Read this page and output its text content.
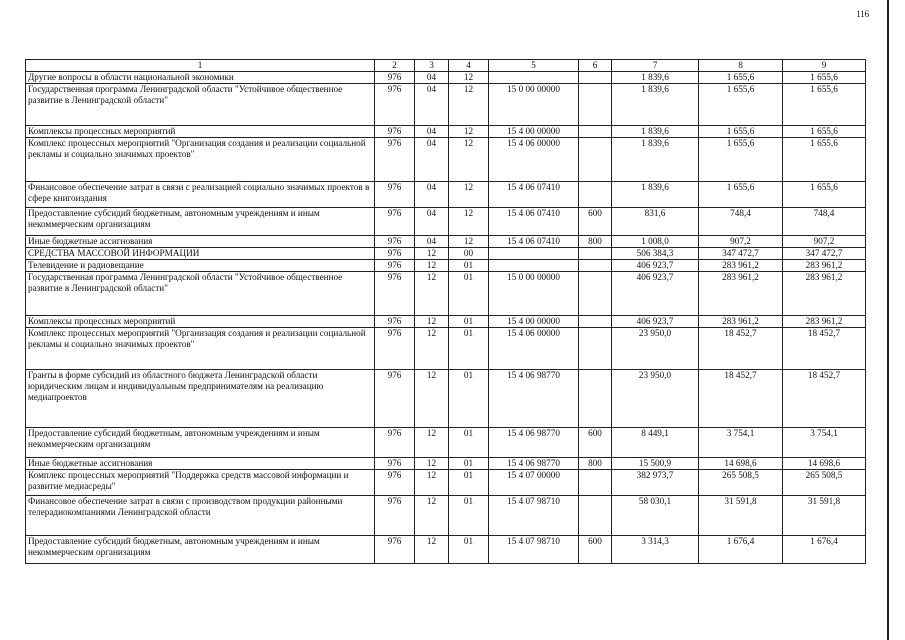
116
1	2	3	4	5	6	7	8	9
Другие вопросы в области национальной экономики	976	04	12			1 839,6	1 655,6	1 655,6
Государственная программа Ленинградской области "Устойчивое общественное развитие в Ленинградской области"	976	04	12	15 0 00 00000		1 839,6	1 655,6	1 655,6
Комплексы процессных мероприятий	976	04	12	15 4 00 00000		1 839,6	1 655,6	1 655,6
Комплекс процессных мероприятий "Организация создания и реализации социальной рекламы и социально значимых проектов"	976	04	12	15 4 06 00000		1 839,6	1 655,6	1 655,6
Финансовое обеспечение затрат в связи с реализацией социально значимых проектов в сфере книгоиздания	976	04	12	15 4 06 07410		1 839,6	1 655,6	1 655,6
Предоставление субсидий бюджетным, автономным учреждениям и иным некоммерческим организациям	976	04	12	15 4 06 07410	600	831,6	748,4	748,4
Иные бюджетные ассигнования	976	04	12	15 4 06 07410	800	1 008,0	907,2	907,2
СРЕДСТВА МАССОВОЙ ИНФОРМАЦИИ	976	12	00			506 384,3	347 472,7	347 472,7
Телевидение и радиовещание	976	12	01			406 923,7	283 961,2	283 961,2
Государственная программа Ленинградской области "Устойчивое общественное развитие в Ленинградской области"	976	12	01	15 0 00 00000		406 923,7	283 961,2	283 961,2
Комплексы процессных мероприятий	976	12	01	15 4 00 00000		406 923,7	283 961,2	283 961,2
Комплекс процессных мероприятий "Организация создания и реализации социальной рекламы и социально значимых проектов"	976	12	01	15 4 06 00000		23 950,0	18 452,7	18 452,7
Гранты в форме субсидий из областного бюджета Ленинградской области юридическим лицам и индивидуальным предпринимателям на реализацию медиапроектов	976	12	01	15 4 06 98770		23 950,0	18 452,7	18 452,7
Предоставление субсидий бюджетным, автономным учреждениям и иным некоммерческим организациям	976	12	01	15 4 06 98770	600	8 449,1	3 754,1	3 754,1
Иные бюджетные ассигнования	976	12	01	15 4 06 98770	800	15 500,9	14 698,6	14 698,6
Комплекс процессных мероприятий "Поддержка средств массовой информации и развитие медиасреды"	976	12	01	15 4 07 00000		382 973,7	265 508,5	265 508,5
Финансовое обеспечение затрат в связи с производством продукции районными телерадиокомпаниями Ленинградской области	976	12	01	15 4 07 98710		58 030,1	31 591,8	31 591,8
Предоставление субсидий бюджетным, автономным учреждениям и иным некоммерческим организациям	976	12	01	15 4 07 98710	600	3 314,3	1 676,4	1 676,4
